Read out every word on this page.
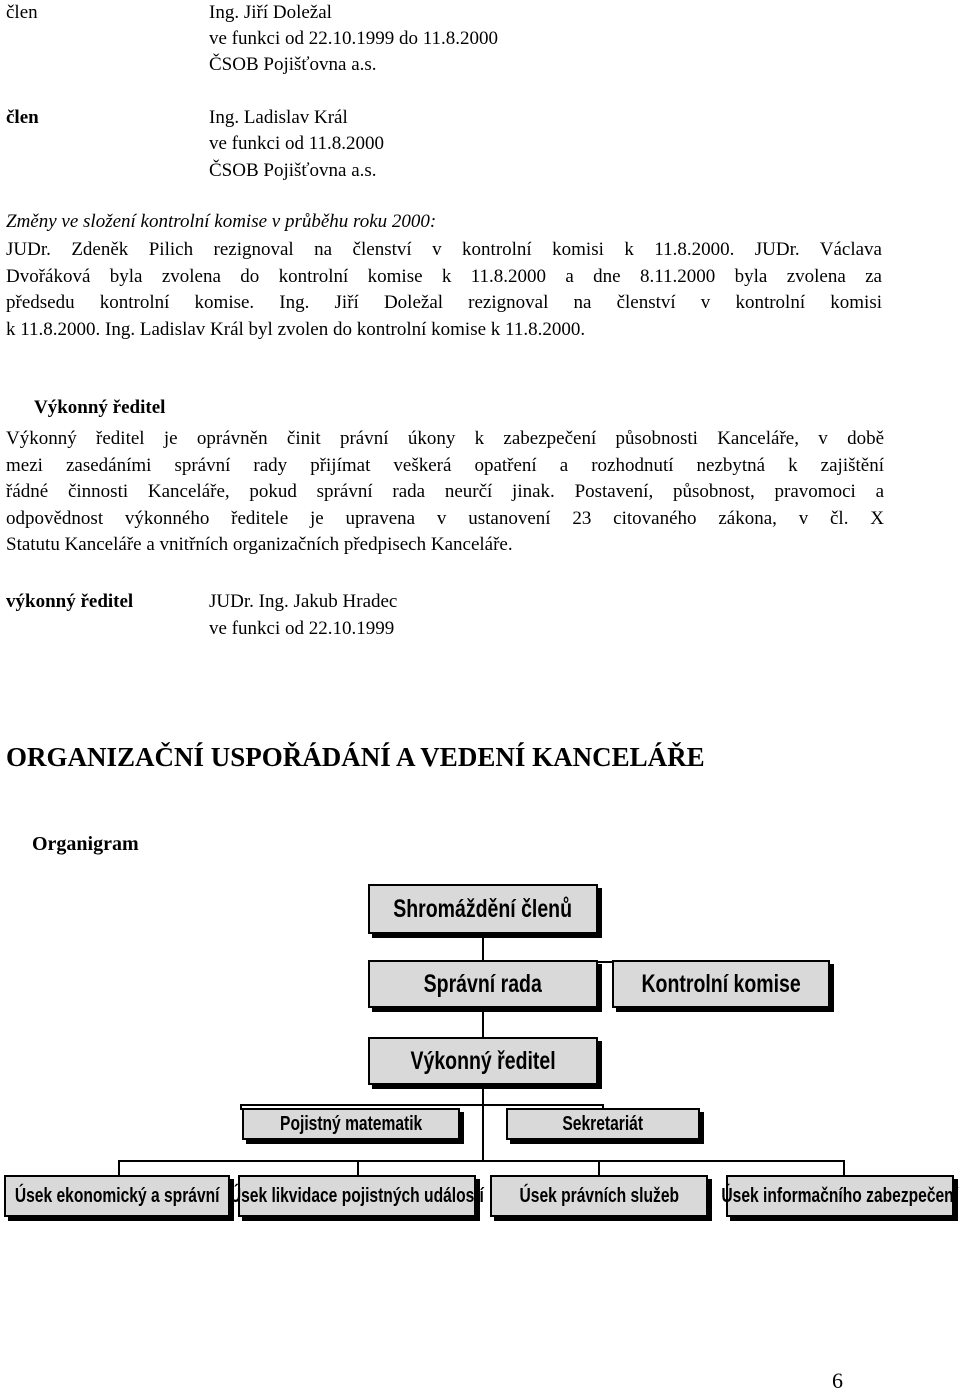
člen	Ing. Jiří Doležal
ve funkci od 22.10.1999 do 11.8.2000
ČSOB Pojišťovna a.s.
člen	Ing. Ladislav Král
ve funkci od 11.8.2000
ČSOB Pojišťovna a.s.
Změny ve složení kontrolní komise v průběhu roku 2000:
JUDr. Zdeněk Pilich rezignoval na členství v kontrolní komisi k 11.8.2000. JUDr. Václava
Dvořáková byla zvolena do kontrolní komise k 11.8.2000 a dne 8.11.2000 byla zvolena za
předsedu kontrolní komise. Ing. Jiří Doležal rezignoval na členství v kontrolní komisi
k 11.8.2000. Ing. Ladislav Král byl zvolen do kontrolní komise k 11.8.2000.
Výkonný ředitel
Výkonný ředitel je oprávněn činit právní úkony k zabezpečení působnosti Kanceláře, v době
mezi zasedáními správní rady přijímat veškerá opatření a rozhodnutí nezbytná k zajištění
řádné činnosti Kanceláře, pokud správní rada neurčí jinak. Postavení, působnost, pravomoci a
odpovědnost výkonného ředitele je upravena v ustanovení 23 citovaného zákona, v čl. X
Statutu Kanceláře a vnitřních organizačních předpisech Kanceláře.
výkonný ředitel	JUDr. Ing. Jakub Hradec
ve funkci od 22.10.1999
ORGANIZAČNÍ USPOŘÁDÁNÍ A VEDENÍ KANCELÁŘE
Organigram
Shromáždění členů
Správní rada	Kontrolní komise
Výkonný ředitel
Pojistný matematik	Sekretariát
Úsek ekonomický a správní Úsek likvidace pojistných událostí Úsek právních služeb Úsek informačního zabezpečení
6
